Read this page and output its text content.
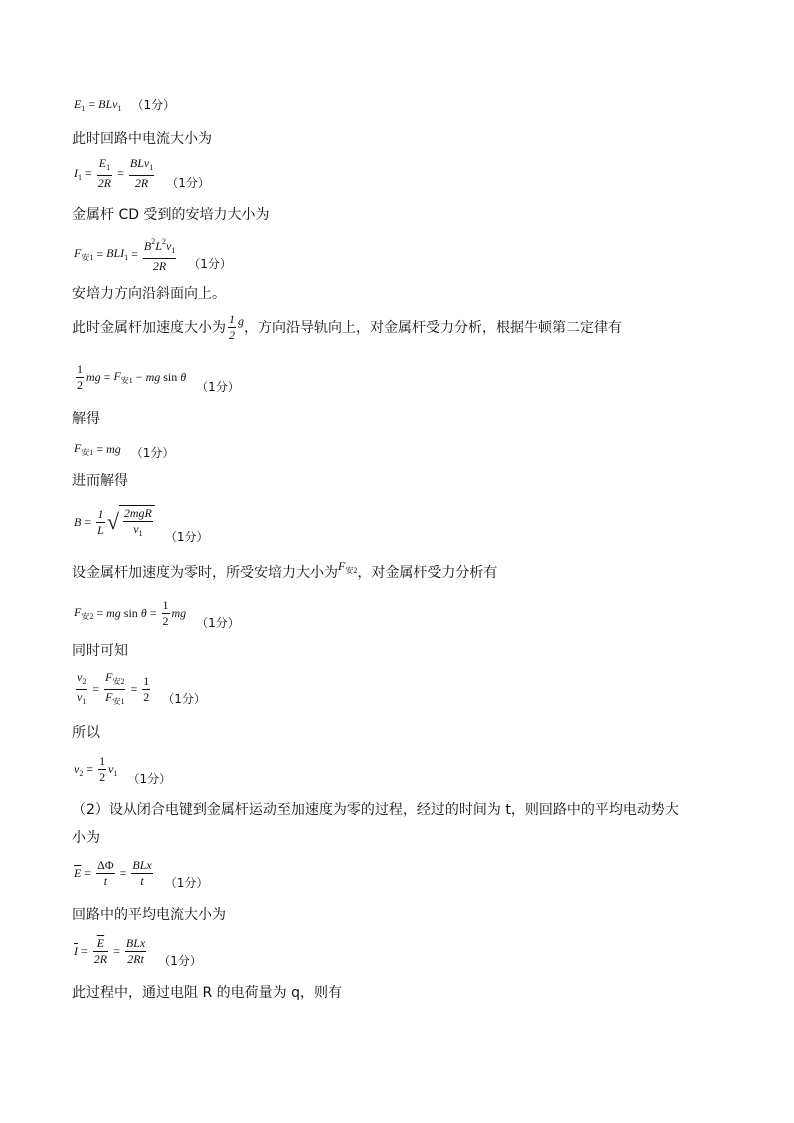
$E_1 = BLv_1$ （1分）
此时回路中电流大小为
$I_1 = \frac{E_1}{2R}$ =
BLv$_1$
2R	（1分）
金属杆 CD 受到的安培力大小为
$F_{安1} = BLI_1 = \frac{B^2L^2v_1}{2R} (1$分）
安培力方向沿斜面向上。
此时金属杆加速度大小为
1
2
g ，方向沿导轨向上，对金属杆受力分析，根据牛顿第二定律有
1
2
mg = $F_{安1}$ − mg sin θ
（1分）
解得
$F_{安1}$ = mg （1分）
进而解得
$B = \frac{1}{L}$ √ 2mgR
$v_1$	（1分）
设金属杆加速度为零时，所受安培力大小为 $F_{安2}$ ，对金属杆受力分析有
$F_{安2}$ = mg $\sin \theta = \frac{1}{2}$ mg
（1分）
同时可知
$\frac{v_2}{v_1}$ =
$F_{安2}$
$F_{安1}$
= $\frac{1}{2} (1$分）
所以
$v_2 = \frac{1}{2} v_1$ （1分）
（2）设从闭合电键到金属杆运动至加速度为零的过程，经过的时间为 t，则回路中的平均电动势大
小为
$\overline{E} = \frac{\Delta\Phi}{t}$ =
BLx
t	（1分）
回路中的平均电流大小为
$\overline{I} = \frac{\overline{E}}{2R}$ =
BLx
2Rt （1分）
此过程中，通过电阻 R 的电荷量为 q，则有
